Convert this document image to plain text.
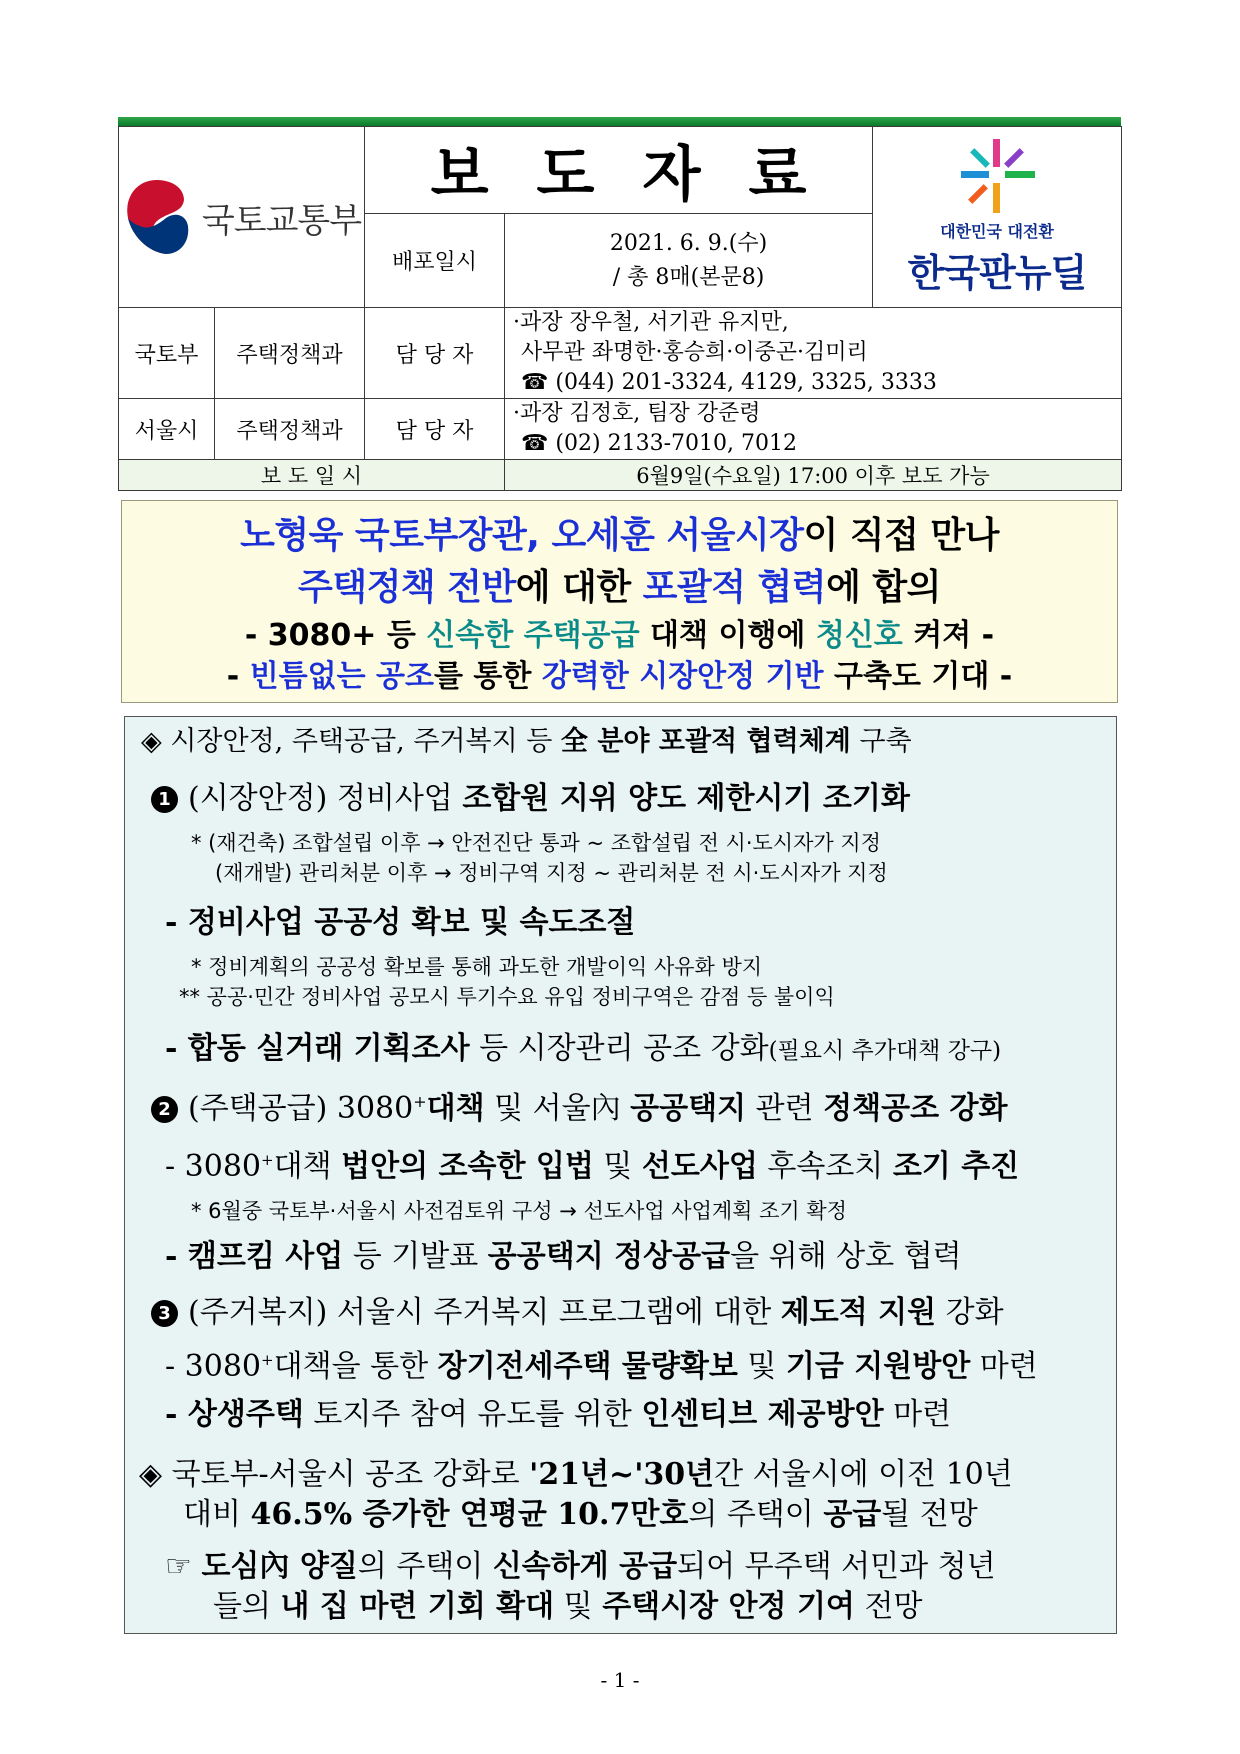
국토교통부		보도자료		대한민국 대전환
한국판뉴딜

		배포일시	2021. 6. 9.(수)
/ 총 8매(본문8)	

국토부	주택정책과	담 당 자	·과장 장우철, 서기관 유지만,
사무관 좌명한·홍승희·이중곤·김미리
☎ (044) 201-3324, 4129, 3325, 3333	

서울시	주택정책과	담 당 자	·과장 김정호, 팀장 강준령
☎ (02) 2133-7010, 7012	

보 도 일 시			6월9일(수요일) 17:00 이후 보도 가능	
노형욱 국토부장관, 오세훈 서울시장이 직접 만나
주택정책 전반에 대한 포괄적 협력에 합의
- 3080+ 등 신속한 주택공급 대책 이행에 청신호 켜져 -
- 빈틈없는 공조를 통한 강력한 시장안정 기반 구축도 기대 -
◈ 시장안정, 주택공급, 주거복지 등 全 분야 포괄적 협력체계 구축
1 (시장안정) 정비사업 조합원 지위 양도 제한시기 조기화
* (재건축) 조합설립 이후 → 안전진단 통과 ~ 조합설립 전 시·도시자가 지정
(재개발) 관리처분 이후 → 정비구역 지정 ~ 관리처분 전 시·도시자가 지정
- 정비사업 공공성 확보 및 속도조절
* 정비계획의 공공성 확보를 통해 과도한 개발이익 사유화 방지
** 공공·민간 정비사업 공모시 투기수요 유입 정비구역은 감점 등 불이익
- 합동 실거래 기획조사 등 시장관리 공조 강화(필요시 추가대책 강구)
2 (주택공급) 3080+대책 및 서울內 공공택지 관련 정책공조 강화
- 3080+대책 법안의 조속한 입법 및 선도사업 후속조치 조기 추진
* 6월중 국토부·서울시 사전검토위 구성 → 선도사업 사업계획 조기 확정
- 캠프킴 사업 등 기발표 공공택지 정상공급을 위해 상호 협력
3 (주거복지) 서울시 주거복지 프로그램에 대한 제도적 지원 강화
- 3080+대책을 통한 장기전세주택 물량확보 및 기금 지원방안 마련
- 상생주택 토지주 참여 유도를 위한 인센티브 제공방안 마련
◈ 국토부-서울시 공조 강화로 '21년~'30년간 서울시에 이전 10년
대비 46.5% 증가한 연평균 10.7만호의 주택이 공급될 전망
☞ 도심內 양질의 주택이 신속하게 공급되어 무주택 서민과 청년
들의 내 집 마련 기회 확대 및 주택시장 안정 기여 전망
- 1 -
